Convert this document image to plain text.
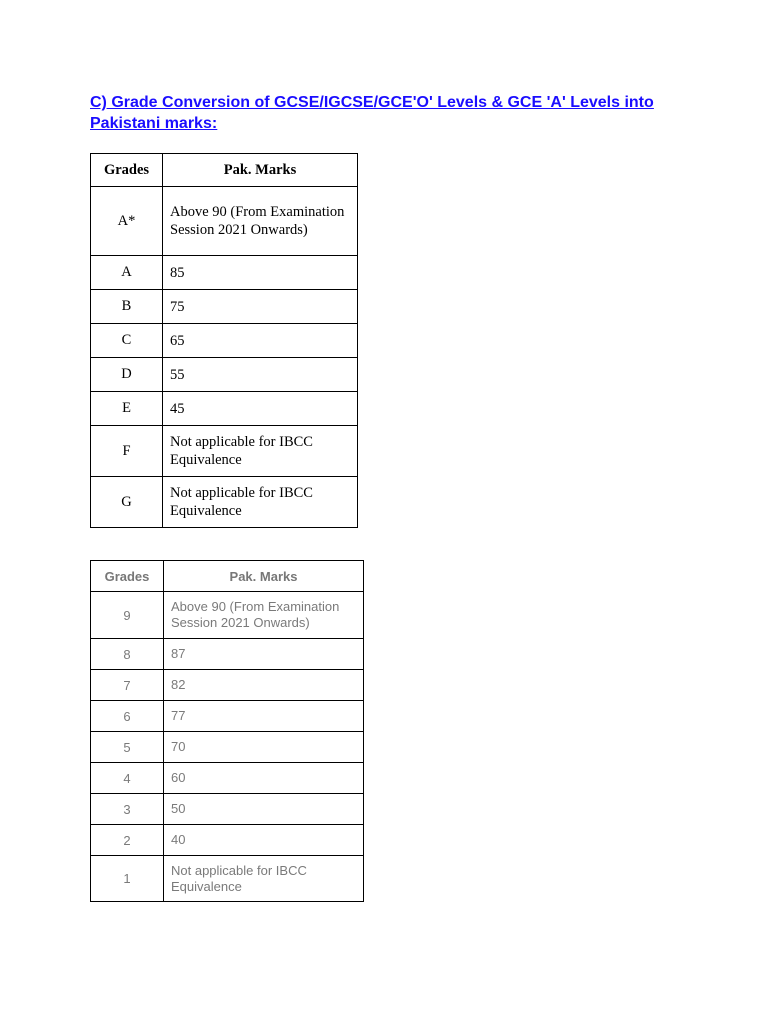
C) Grade Conversion of GCSE/IGCSE/GCE'O' Levels & GCE 'A' Levels into Pakistani marks:
Grades	Pak. Marks
A*	Above 90 (From Examination Session 2021 Onwards)
A	85
B	75
C	65
D	55
E	45
F	Not applicable for IBCC Equivalence
G	Not applicable for IBCC Equivalence
Grades	Pak. Marks
9	Above 90 (From Examination Session 2021 Onwards)
8	87
7	82
6	77
5	70
4	60
3	50
2	40
1	Not applicable for IBCC Equivalence
